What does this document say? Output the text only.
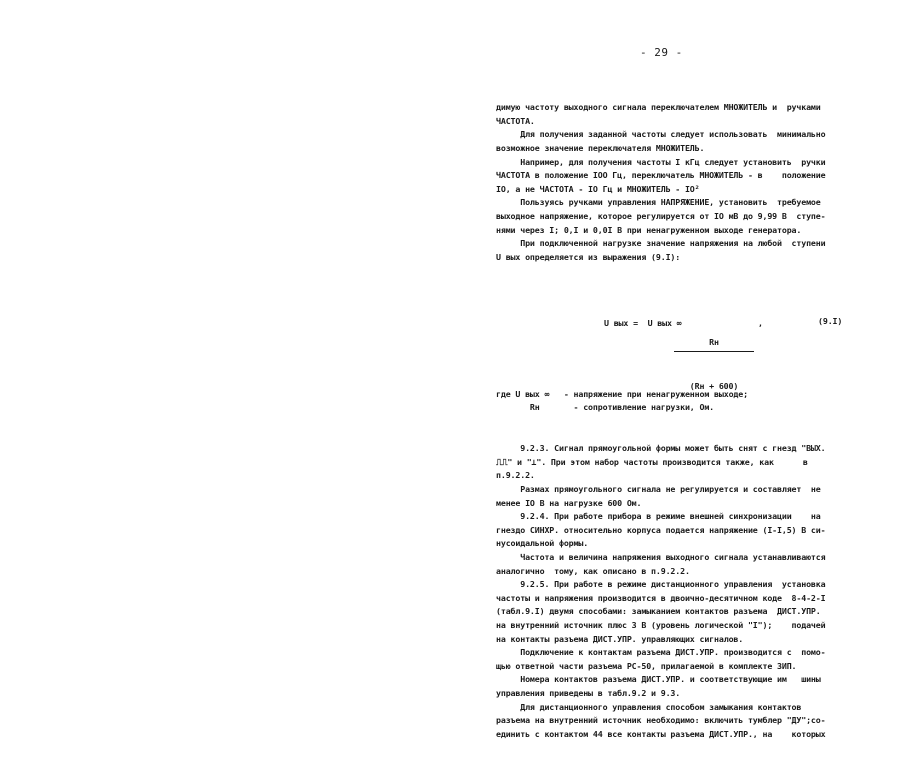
- 29 -

димую частоту выходного сигнала переключателем МНОЖИТЕЛЬ и  ручками
ЧАСТОТА.
Для получения заданной частоты следует использовать  минимально
возможное значение переключателя МНОЖИТЕЛЬ.
Например, для получения частоты I кГц следует установить  ручки
ЧАСТОТА в положение IOO Гц, переключатель МНОЖИТЕЛЬ - в    положение
IO, а не ЧАСТОТА - IO Гц и МНОЖИТЕЛЬ - IO²
Пользуясь ручками управления НАПРЯЖЕНИЕ, установить  требуемое
выходное напряжение, которое регулируется от IO мВ до 9,99 В  ступе-
нями через I; 0,I и 0,0I В при ненагруженном выходе генератора.
При подключенной нагрузке значение напряжения на любой  ступени
U вых определяется из выражения (9.I):

U вых =  U вых ∞

Rн

(Rн + 600)

,

	(9.I)

где U вых ∞   - напряжение при ненагруженном выходе;
Rн       - сопротивление нагрузки, Ом.

9.2.3. Сигнал прямоугольной формы может быть снят с гнезд "ВЫХ.
⎍⎍" и "⊥". При этом набор частоты производится также, как      в
п.9.2.2.
Размах прямоугольного сигнала не регулируется и составляет  не
менее IO В на нагрузке 600 Ом.
9.2.4. При работе прибора в режиме внешней синхронизации    на
гнездо СИНХР. относительно корпуса подается напряжение (I-I,5) В си-
нусоидальной формы.
Частота и величина напряжения выходного сигнала устанавливаются
аналогично  тому, как описано в п.9.2.2.
9.2.5. При работе в режиме дистанционного управления  установка
частоты и напряжения производится в двоично-десятичном коде  8-4-2-I
(табл.9.I) двумя способами: замыканием контактов разъема  ДИСТ.УПР.
на внутренний источник плюс 3 В (уровень логической "I");    подачей
на контакты разъема ДИСТ.УПР. управляющих сигналов.
Подключение к контактам разъема ДИСТ.УПР. производится с  помо-
щью ответной части разъема РС-50, прилагаемой в комплекте ЗИП.
Номера контактов разъема ДИСТ.УПР. и соответствующие им   шины
управления приведены в табл.9.2 и 9.3.
Для дистанционного управления способом замыкания контактов
разъема на внутренний источник необходимо: включить тумблер "ДУ";со-
единить с контактом 44 все контакты разъема ДИСТ.УПР., на    которых
